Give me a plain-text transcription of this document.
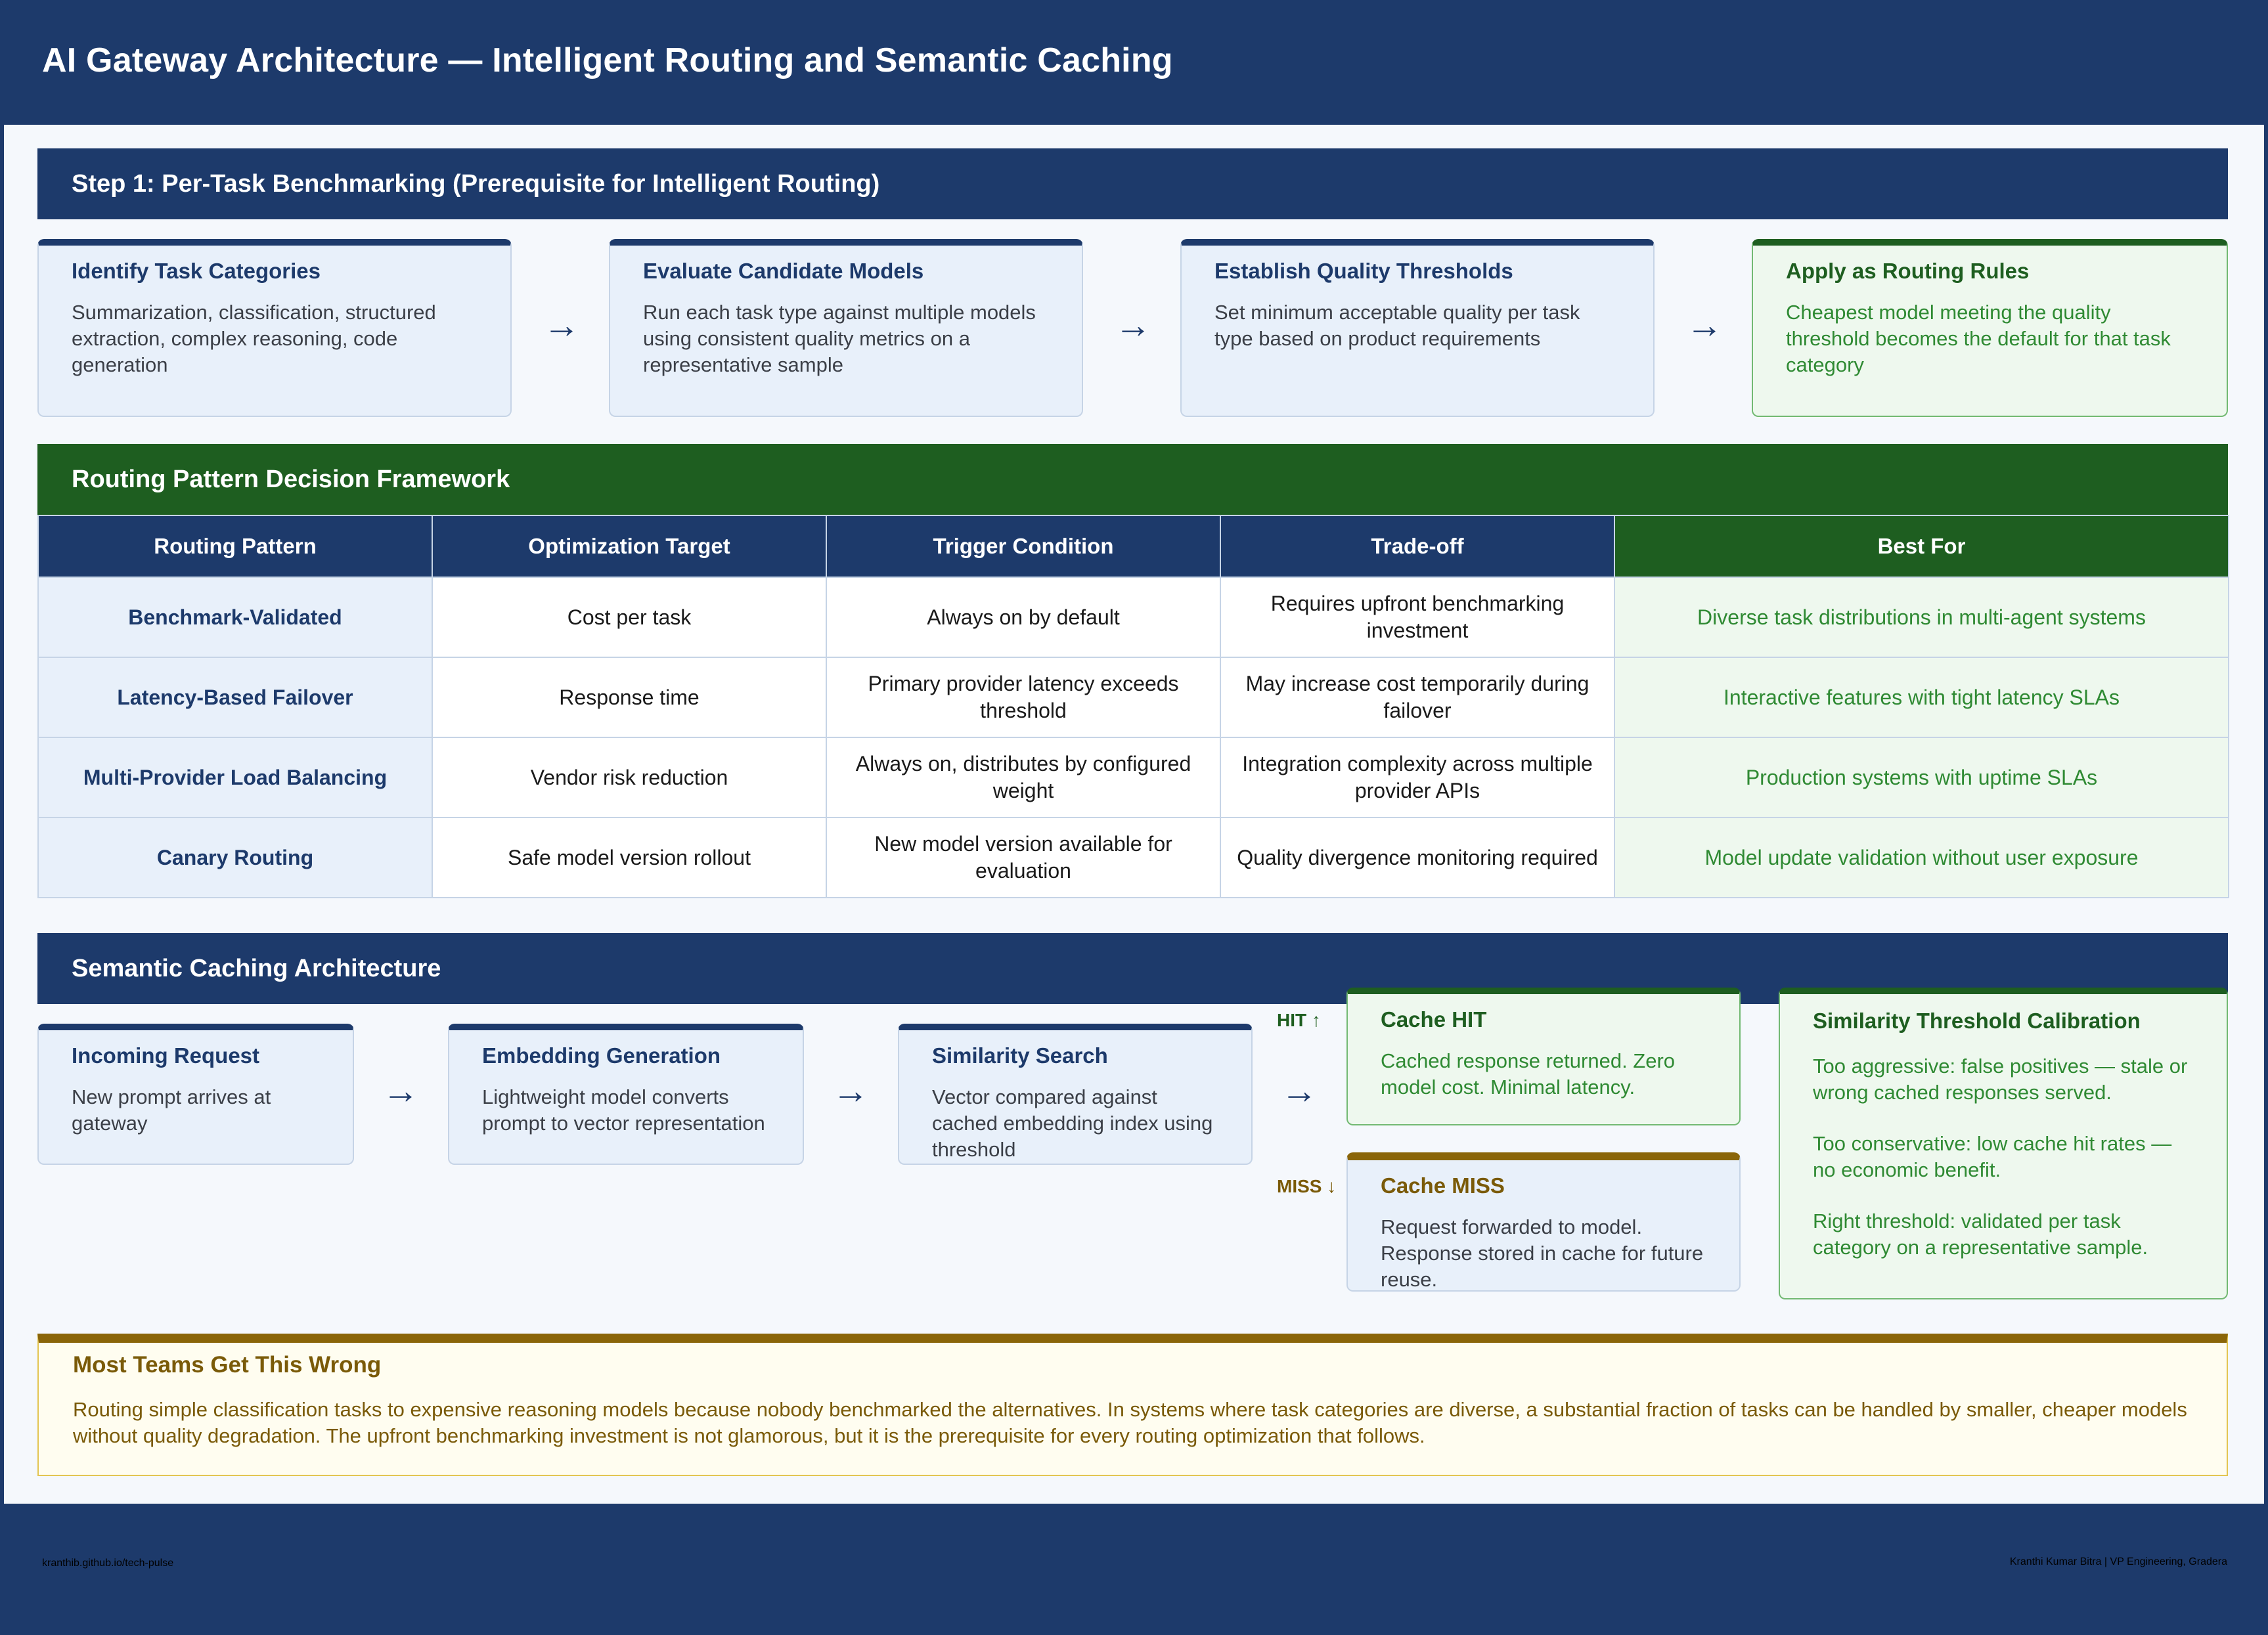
AI Gateway Architecture — Intelligent Routing and Semantic Caching
Step 1: Per-Task Benchmarking (Prerequisite for Intelligent Routing)
Identify Task Categories
Summarization, classification, structured extraction, complex reasoning, code generation
→
Evaluate Candidate Models
Run each task type against multiple models using consistent quality metrics on a representative sample
→
Establish Quality Thresholds
Set minimum acceptable quality per task type based on product requirements	→
Apply as Routing Rules
Cheapest model meeting the quality threshold becomes the default for that task category
Routing Pattern Decision Framework
Routing Pattern	Optimization Target	Trigger Condition	Trade-off	Best For
Benchmark-Validated	Cost per task	Always on by default	Requires upfront benchmarking investment	Diverse task distributions in multi-agent systems
Latency-Based Failover	Response time	Primary provider latency exceeds threshold	May increase cost temporarily during failover	Interactive features with tight latency SLAs
Multi-Provider Load Balancing	Vendor risk reduction	Always on, distributes by configured weight	Integration complexity across multiple provider APIs	Production systems with uptime SLAs
Canary Routing	Safe model version rollout	New model version available for evaluation	Quality divergence monitoring required	Model update validation without user exposure
Semantic Caching Architecture
Incoming Request
New prompt arrives at gateway
→
Embedding Generation
Lightweight model converts prompt to vector representation
→
Similarity Search
Vector compared against cached embedding index using threshold
→
HIT ↑
MISS ↓
Cache HIT
Cached response returned. Zero model cost. Minimal latency.
Cache MISS
Request forwarded to model. Response stored in cache for future reuse.
Similarity Threshold Calibration
Too aggressive: false positives — stale or wrong cached responses served.
Too conservative: low cache hit rates — no economic benefit.
Right threshold: validated per task category on a representative sample.
Most Teams Get This Wrong
Routing simple classification tasks to expensive reasoning models because nobody benchmarked the alternatives. In systems where task categories are diverse, a substantial fraction of tasks can be handled by smaller, cheaper models without quality degradation. The upfront benchmarking investment is not glamorous, but it is the prerequisite for every routing optimization that follows.
kranthib.github.io/tech-pulse	Kranthi Kumar Bitra | VP Engineering, Gradera
